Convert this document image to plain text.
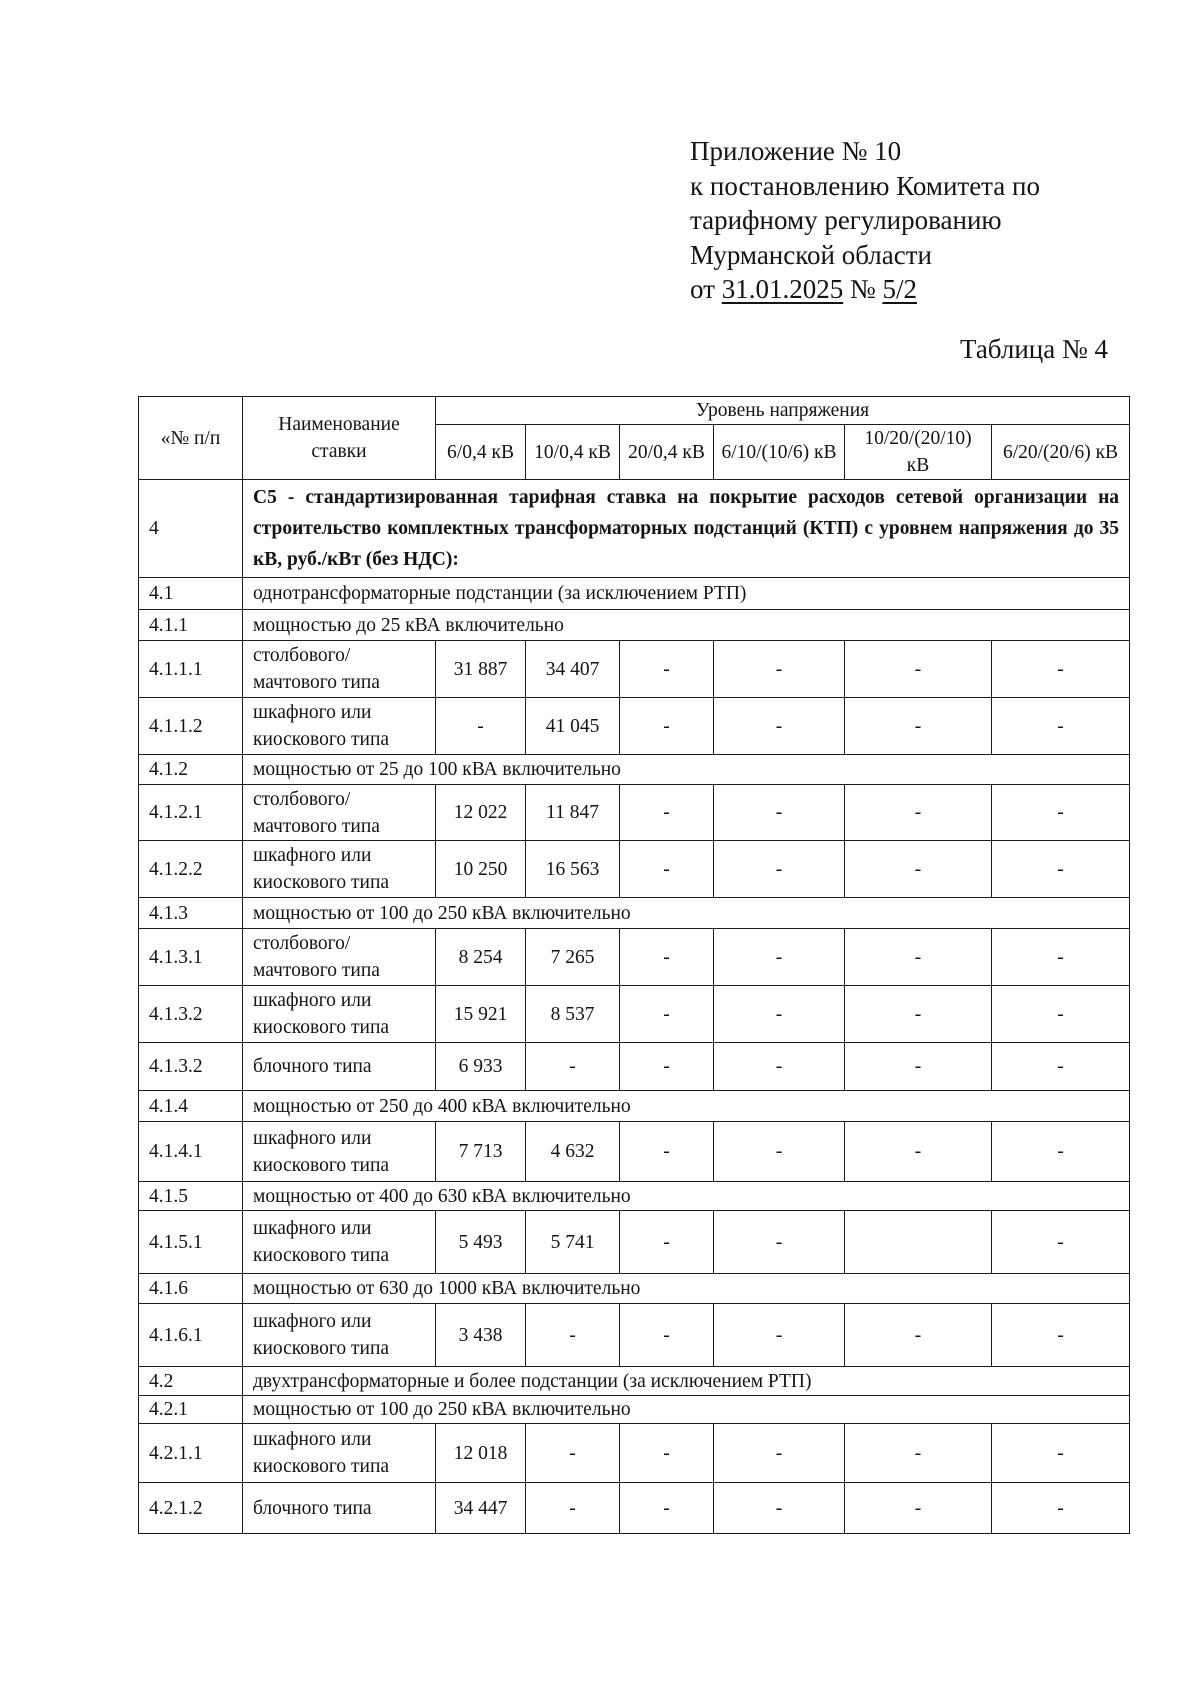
Приложение № 10
к постановлению Комитета по
тарифному регулированию
Мурманской области
от 31.01.2025 № 5/2
Таблица № 4
«№ п/п	Наименование ставки	Уровень напряжения					
		6/0,4 кВ	10/0,4 кВ	20/0,4 кВ	6/10/(10/6) кВ	10/20/(20/10) кВ	6/20/(20/6) кВ
4	С5 - стандартизированная тарифная ставка на покрытие расходов сетевой организации на строительство комплектных трансформаторных подстанций (КТП) с уровнем напряжения до 35 кВ, руб./кВт (без НДС):						
4.1	однотрансформаторные подстанции (за исключением РТП)						
4.1.1	мощностью до 25 кВА включительно						
4.1.1.1	столбового/ мачтового типа	31 887	34 407	-	-	-	-
4.1.1.2	шкафного или киоскового типа	-	41 045	-	-	-	-
4.1.2	мощностью от 25 до 100 кВА включительно						
4.1.2.1	столбового/ мачтового типа	12 022	11 847	-	-	-	-
4.1.2.2	шкафного или киоскового типа	10 250	16 563	-	-	-	-
4.1.3	мощностью от 100 до 250 кВА включительно						
4.1.3.1	столбового/ мачтового типа	8 254	7 265	-	-	-	-
4.1.3.2	шкафного или киоскового типа	15 921	8 537	-	-	-	-
4.1.3.2	блочного типа	6 933	-	-	-	-	-
4.1.4	мощностью от 250 до 400 кВА включительно						
4.1.4.1	шкафного или киоскового типа	7 713	4 632	-	-	-	-
4.1.5	мощностью от 400 до 630 кВА включительно						
4.1.5.1	шкафного или киоскового типа	5 493	5 741	-	-		-
4.1.6	мощностью от 630 до 1000 кВА включительно						
4.1.6.1	шкафного или киоскового типа	3 438	-	-	-	-	-
4.2	двухтрансформаторные и более подстанции (за исключением РТП)						
4.2.1	мощностью от 100 до 250 кВА включительно						
4.2.1.1	шкафного или киоскового типа	12 018	-	-	-	-	-
4.2.1.2	блочного типа	34 447	-	-	-	-	-
